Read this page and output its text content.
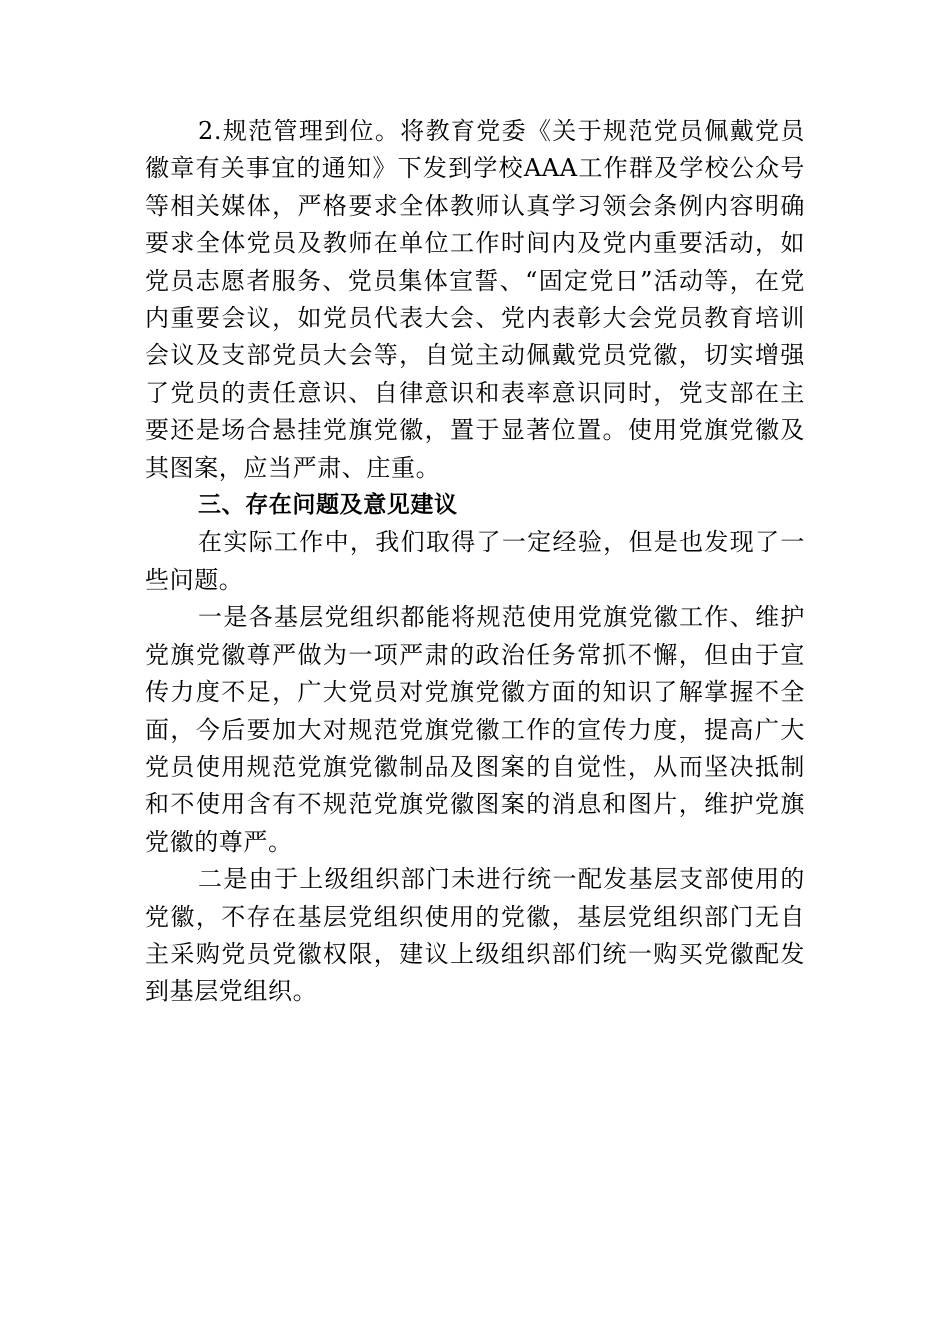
2.规范管理到位。将教育党委《关于规范党员佩戴党员徽章有关事宜的通知》下发到学校AAA工作群及学校公众号等相关媒体，严格要求全体教师认真学习领会条例内容明确要求全体党员及教师在单位工作时间内及党内重要活动，如党员志愿者服务、党员集体宣誓、“固定党日”活动等，在党内重要会议，如党员代表大会、党内表彰大会党员教育培训会议及支部党员大会等，自觉主动佩戴党员党徽，切实增强了党员的责任意识、自律意识和表率意识同时，党支部在主要还是场合悬挂党旗党徽，置于显著位置。使用党旗党徽及其图案，应当严肃、庄重。

三、存在问题及意见建议

在实际工作中，我们取得了一定经验，但是也发现了一些问题。

一是各基层党组织都能将规范使用党旗党徽工作、维护党旗党徽尊严做为一项严肃的政治任务常抓不懈，但由于宣传力度不足，广大党员对党旗党徽方面的知识了解掌握不全面，今后要加大对规范党旗党徽工作的宣传力度，提高广大党员使用规范党旗党徽制品及图案的自觉性，从而坚决抵制和不使用含有不规范党旗党徽图案的消息和图片，维护党旗党徽的尊严。

二是由于上级组织部门未进行统一配发基层支部使用的党徽，不存在基层党组织使用的党徽，基层党组织部门无自主采购党员党徽权限，建议上级组织部们统一购买党徽配发到基层党组织。
